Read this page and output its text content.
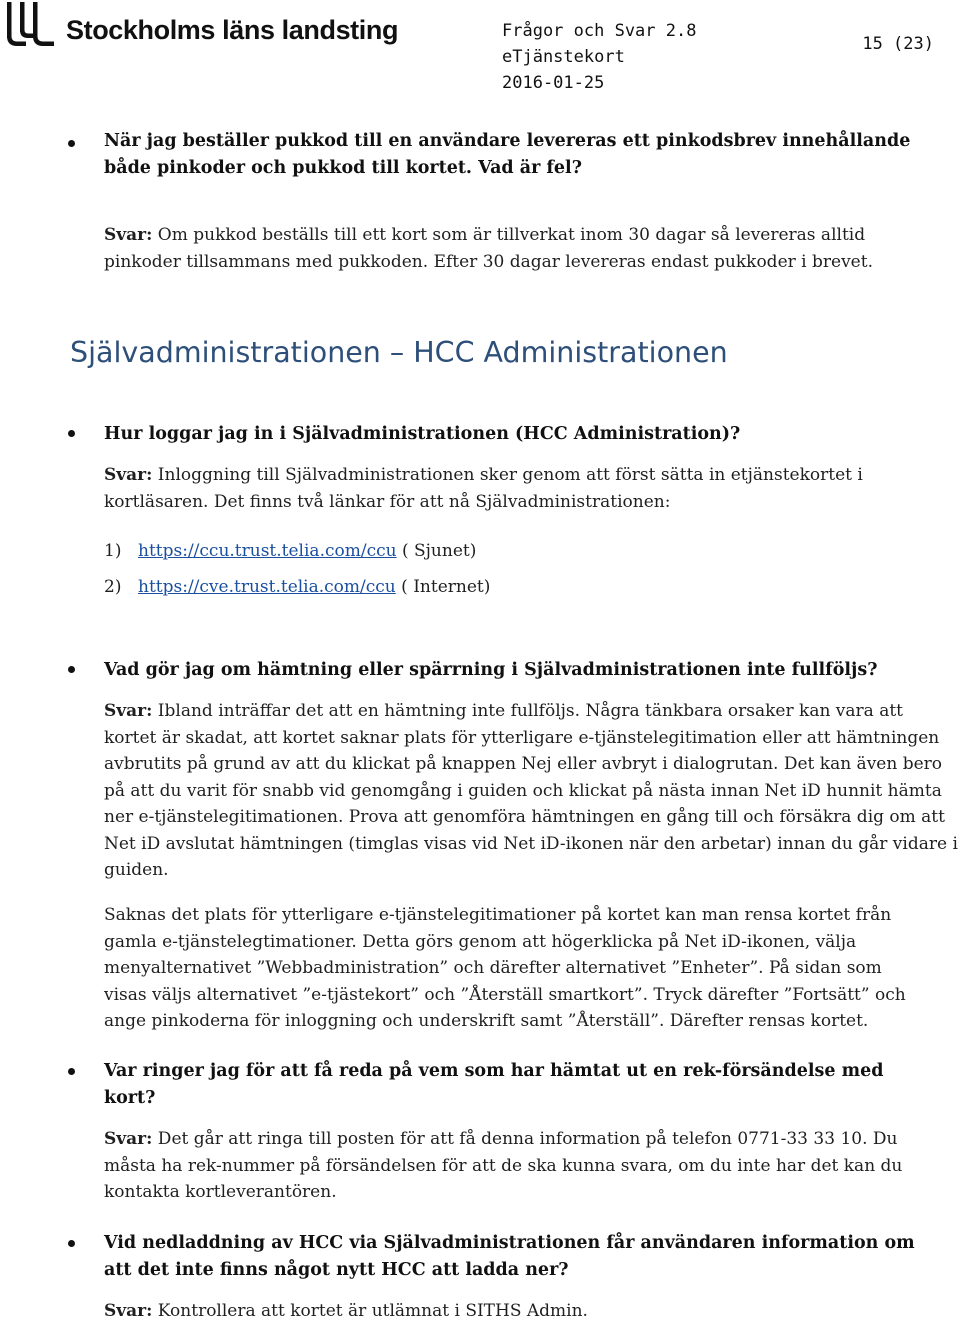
Stockholms läns landsting	Frågor och Svar 2.8
eTjänstekort
2016-01-25
15 (23)
När jag beställer pukkod till en användare levereras ett pinkodsbrev innehållande både pinkoder och pukkod till kortet. Vad är fel?
Svar: Om pukkod beställs till ett kort som är tillverkat inom 30 dagar så levereras alltid pinkoder tillsammans med pukkoden. Efter 30 dagar levereras endast pukkoder i brevet.
Självadministrationen – HCC Administrationen
Hur loggar jag in i Självadministrationen (HCC Administration)?
Svar: Inloggning till Självadministrationen sker genom att först sätta in etjänstekortet i kortläsaren. Det finns två länkar för att nå Självadministrationen:
1) https://ccu.trust.telia.com/ccu ( Sjunet)
2) https://cve.trust.telia.com/ccu ( Internet)
Vad gör jag om hämtning eller spärrning i Självadministrationen inte fullföljs?
Svar: Ibland inträffar det att en hämtning inte fullföljs. Några tänkbara orsaker kan vara att kortet är skadat, att kortet saknar plats för ytterligare e-tjänstelegitimation eller att hämtningen avbrutits på grund av att du klickat på knappen Nej eller avbryt i dialogrutan. Det kan även bero på att du varit för snabb vid genomgång i guiden och klickat på nästa innan Net iD hunnit hämta ner e-tjänstelegitimationen. Prova att genomföra hämtningen en gång till och försäkra dig om att Net iD avslutat hämtningen (timglas visas vid Net iD-ikonen när den arbetar) innan du går vidare i guiden.
Saknas det plats för ytterligare e-tjänstelegitimationer på kortet kan man rensa kortet från gamla e-tjänstelegtimationer. Detta görs genom att högerklicka på Net iD-ikonen, välja menyalternativet ”Webbadministration” och därefter alternativet ”Enheter”. På sidan som visas väljs alternativet ”e-tjästekort” och ”Återställ smartkort”. Tryck därefter ”Fortsätt” och ange pinkoderna för inloggning och underskrift samt ”Återställ”. Därefter rensas kortet.
Var ringer jag för att få reda på vem som har hämtat ut en rek-försändelse med kort?
Svar: Det går att ringa till posten för att få denna information på telefon 0771-33 33 10. Du måsta ha rek-nummer på försändelsen för att de ska kunna svara, om du inte har det kan du kontakta kortleverantören.
Vid nedladdning av HCC via Självadministrationen får användaren information om att det inte finns något nytt HCC att ladda ner?
Svar: Kontrollera att kortet är utlämnat i SITHS Admin.
